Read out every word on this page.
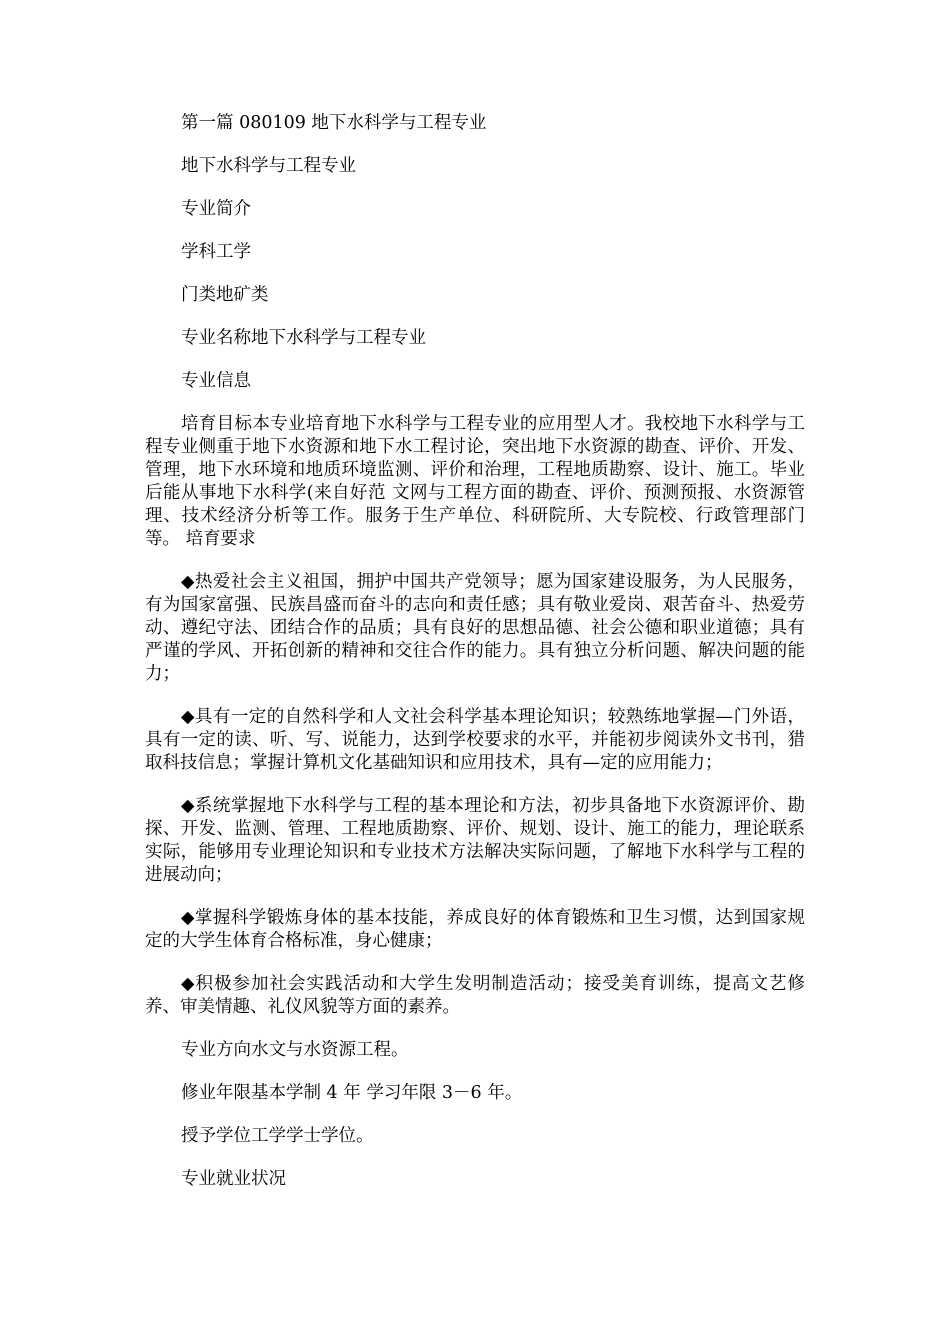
第一篇 080109 地下水科学与工程专业

地下水科学与工程专业

专业简介

学科工学

门类地矿类

专业名称地下水科学与工程专业

专业信息

培育目标本专业培育地下水科学与工程专业的应用型人才。我校地下水科学与工程专业侧重于地下水资源和地下水工程讨论，突出地下水资源的勘查、评价、开发、管理，地下水环境和地质环境监测、评价和治理，工程地质勘察、设计、施工。毕业后能从事地下水科学(来自好范 文网与工程方面的勘查、评价、预测预报、水资源管理、技术经济分析等工作。服务于生产单位、科研院所、大专院校、行政管理部门等。 培育要求

◆热爱社会主义祖国，拥护中国共产党领导；愿为国家建设服务，为人民服务，有为国家富强、民族昌盛而奋斗的志向和责任感；具有敬业爱岗、艰苦奋斗、热爱劳动、遵纪守法、团结合作的品质；具有良好的思想品德、社会公德和职业道德；具有严谨的学风、开拓创新的精神和交往合作的能力。具有独立分析问题、解决问题的能力；

◆具有一定的自然科学和人文社会科学基本理论知识；较熟练地掌握—门外语，具有一定的读、听、写、说能力，达到学校要求的水平，并能初步阅读外文书刊，猎取科技信息；掌握计算机文化基础知识和应用技术，具有—定的应用能力；

◆系统掌握地下水科学与工程的基本理论和方法，初步具备地下水资源评价、勘探、开发、监测、管理、工程地质勘察、评价、规划、设计、施工的能力，理论联系实际，能够用专业理论知识和专业技术方法解决实际问题，了解地下水科学与工程的进展动向；

◆掌握科学锻炼身体的基本技能，养成良好的体育锻炼和卫生习惯，达到国家规定的大学生体育合格标准，身心健康；

◆积极参加社会实践活动和大学生发明制造活动；接受美育训练，提高文艺修养、审美情趣、礼仪风貌等方面的素养。

专业方向水文与水资源工程。

修业年限基本学制 4 年 学习年限 3－6 年。

授予学位工学学士学位。

专业就业状况
